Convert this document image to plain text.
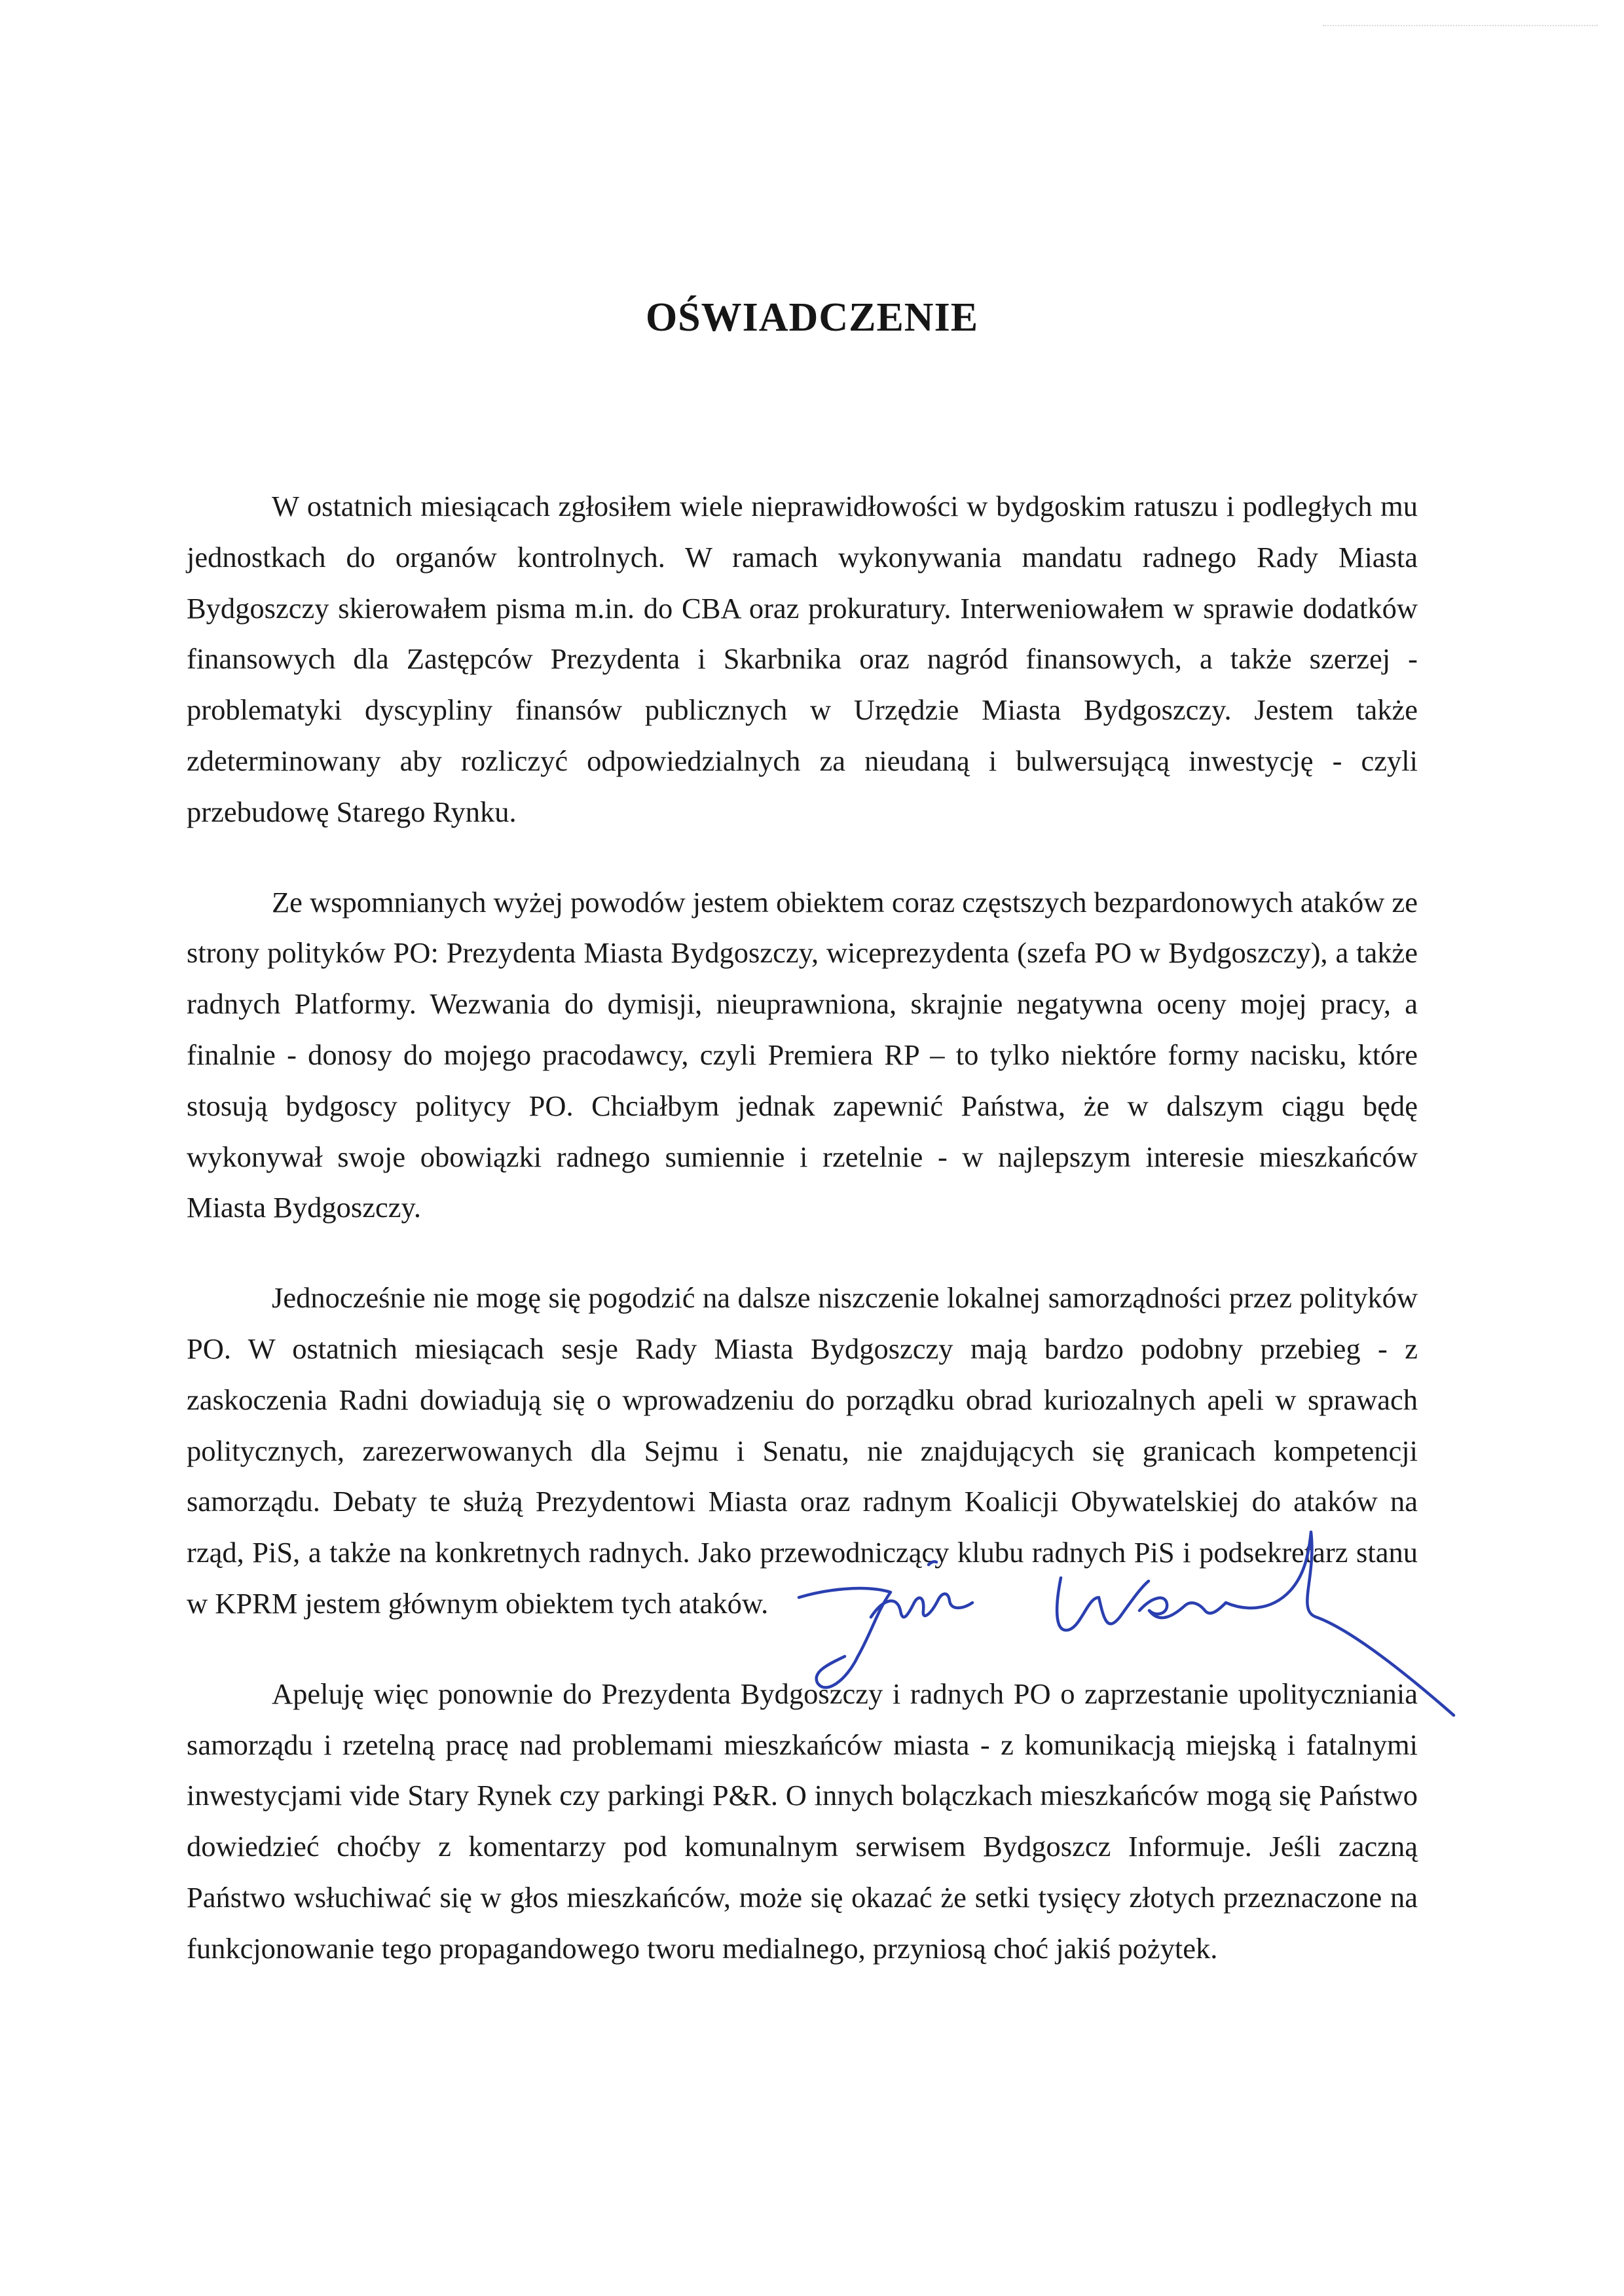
OŚWIADCZENIE

W ostatnich miesiącach zgłosiłem wiele nieprawidłowości w bydgoskim ratuszu i podległych mu jednostkach do organów kontrolnych. W ramach wykonywania mandatu radnego Rady Miasta Bydgoszczy skierowałem pisma m.in. do CBA oraz prokuratury. Interweniowałem w sprawie dodatków finansowych dla Zastępców Prezydenta i Skarbnika oraz nagród finansowych, a także szerzej - problematyki dyscypliny finansów publicznych w Urzędzie Miasta Bydgoszczy. Jestem także zdeterminowany aby rozliczyć odpowiedzialnych za nieudaną i bulwersującą inwestycję - czyli przebudowę Starego Rynku.

Ze wspomnianych wyżej powodów jestem obiektem coraz częstszych bezpardonowych ataków ze strony polityków PO: Prezydenta Miasta Bydgoszczy, wiceprezydenta (szefa PO w Bydgoszczy), a także radnych Platformy. Wezwania do dymisji, nieuprawniona, skrajnie negatywna oceny mojej pracy, a finalnie - donosy do mojego pracodawcy, czyli Premiera RP – to tylko niektóre formy nacisku, które stosują bydgoscy politycy PO. Chciałbym jednak zapewnić Państwa, że w dalszym ciągu będę wykonywał swoje obowiązki radnego sumiennie i rzetelnie - w najlepszym interesie mieszkańców Miasta Bydgoszczy.

Jednocześnie nie mogę się pogodzić na dalsze niszczenie lokalnej samorządności przez polityków PO. W ostatnich miesiącach sesje Rady Miasta Bydgoszczy mają bardzo podobny przebieg - z zaskoczenia Radni dowiadują się o wprowadzeniu do porządku obrad kuriozalnych apeli w sprawach politycznych, zarezerwowanych dla Sejmu i Senatu, nie znajdujących się granicach kompetencji samorządu. Debaty te służą Prezydentowi Miasta oraz radnym Koalicji Obywatelskiej do ataków na rząd, PiS, a także na konkretnych radnych. Jako przewodniczący klubu radnych PiS i podsekretarz stanu w KPRM jestem głównym obiektem tych ataków.

Apeluję więc ponownie do Prezydenta Bydgoszczy i radnych PO o zaprzestanie upolityczniania samorządu i rzetelną pracę nad problemami mieszkańców miasta - z komunikacją miejską i fatalnymi inwestycjami vide Stary Rynek czy parkingi P&R. O innych bolączkach mieszkańców mogą się Państwo dowiedzieć choćby z komentarzy pod komunalnym serwisem Bydgoszcz Informuje. Jeśli zaczną Państwo wsłuchiwać się w głos mieszkańców, może się okazać że setki tysięcy złotych przeznaczone na funkcjonowanie tego propagandowego tworu medialnego, przyniosą choć jakiś pożytek.
